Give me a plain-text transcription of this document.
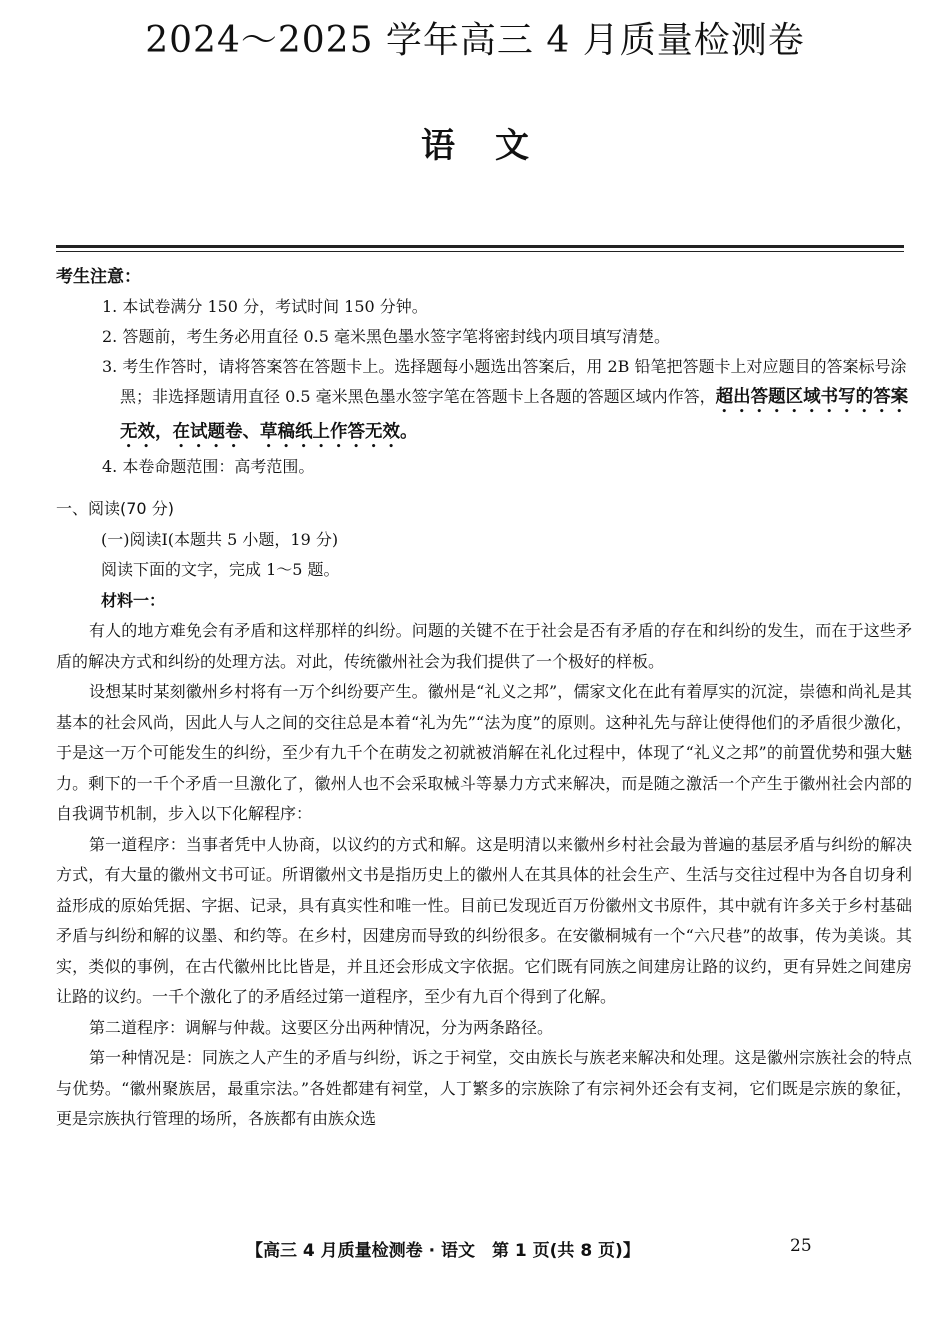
2024～2025 学年高三 4 月质量检测卷
语文
考生注意：
1. 本试卷满分 150 分，考试时间 150 分钟。
2. 答题前，考生务必用直径 0.5 毫米黑色墨水签字笔将密封线内项目填写清楚。
3. 考生作答时，请将答案答在答题卡上。选择题每小题选出答案后，用 2B 铅笔把答题卡上对应题目的答案标号涂黑；非选择题请用直径 0.5 毫米黑色墨水签字笔在答题卡上各题的答题区域内作答，超出答题区域书写的答案无效，在试题卷、草稿纸上作答无效。
4. 本卷命题范围：高考范围。
一、阅读(70 分)
(一)阅读Ⅰ(本题共 5 小题，19 分)
阅读下面的文字，完成 1～5 题。
材料一：

有人的地方难免会有矛盾和这样那样的纠纷。问题的关键不在于社会是否有矛盾的存在和纠纷的发生，而在于这些矛盾的解决方式和纠纷的处理方法。对此，传统徽州社会为我们提供了一个极好的样板。

设想某时某刻徽州乡村将有一万个纠纷要产生。徽州是“礼义之邦”，儒家文化在此有着厚实的沉淀，崇德和尚礼是其基本的社会风尚，因此人与人之间的交往总是本着“礼为先”“法为度”的原则。这种礼先与辞让使得他们的矛盾很少激化，于是这一万个可能发生的纠纷，至少有九千个在萌发之初就被消解在礼化过程中，体现了“礼义之邦”的前置优势和强大魅力。剩下的一千个矛盾一旦激化了，徽州人也不会采取械斗等暴力方式来解决，而是随之激活一个产生于徽州社会内部的自我调节机制，步入以下化解程序：

第一道程序：当事者凭中人协商，以议约的方式和解。这是明清以来徽州乡村社会最为普遍的基层矛盾与纠纷的解决方式，有大量的徽州文书可证。所谓徽州文书是指历史上的徽州人在其具体的社会生产、生活与交往过程中为各自切身利益形成的原始凭据、字据、记录，具有真实性和唯一性。目前已发现近百万份徽州文书原件，其中就有许多关于乡村基础矛盾与纠纷和解的议墨、和约等。在乡村，因建房而导致的纠纷很多。在安徽桐城有一个“六尺巷”的故事，传为美谈。其实，类似的事例，在古代徽州比比皆是，并且还会形成文字依据。它们既有同族之间建房让路的议约，更有异姓之间建房让路的议约。一千个激化了的矛盾经过第一道程序，至少有九百个得到了化解。

第二道程序：调解与仲裁。这要区分出两种情况，分为两条路径。

第一种情况是：同族之人产生的矛盾与纠纷，诉之于祠堂，交由族长与族老来解决和处理。这是徽州宗族社会的特点与优势。“徽州聚族居，最重宗法。”各姓都建有祠堂，人丁繁多的宗族除了有宗祠外还会有支祠，它们既是宗族的象征，更是宗族执行管理的场所，各族都有由族众选

【高三 4 月质量检测卷 · 语文　第 1 页(共 8 页)】	25
